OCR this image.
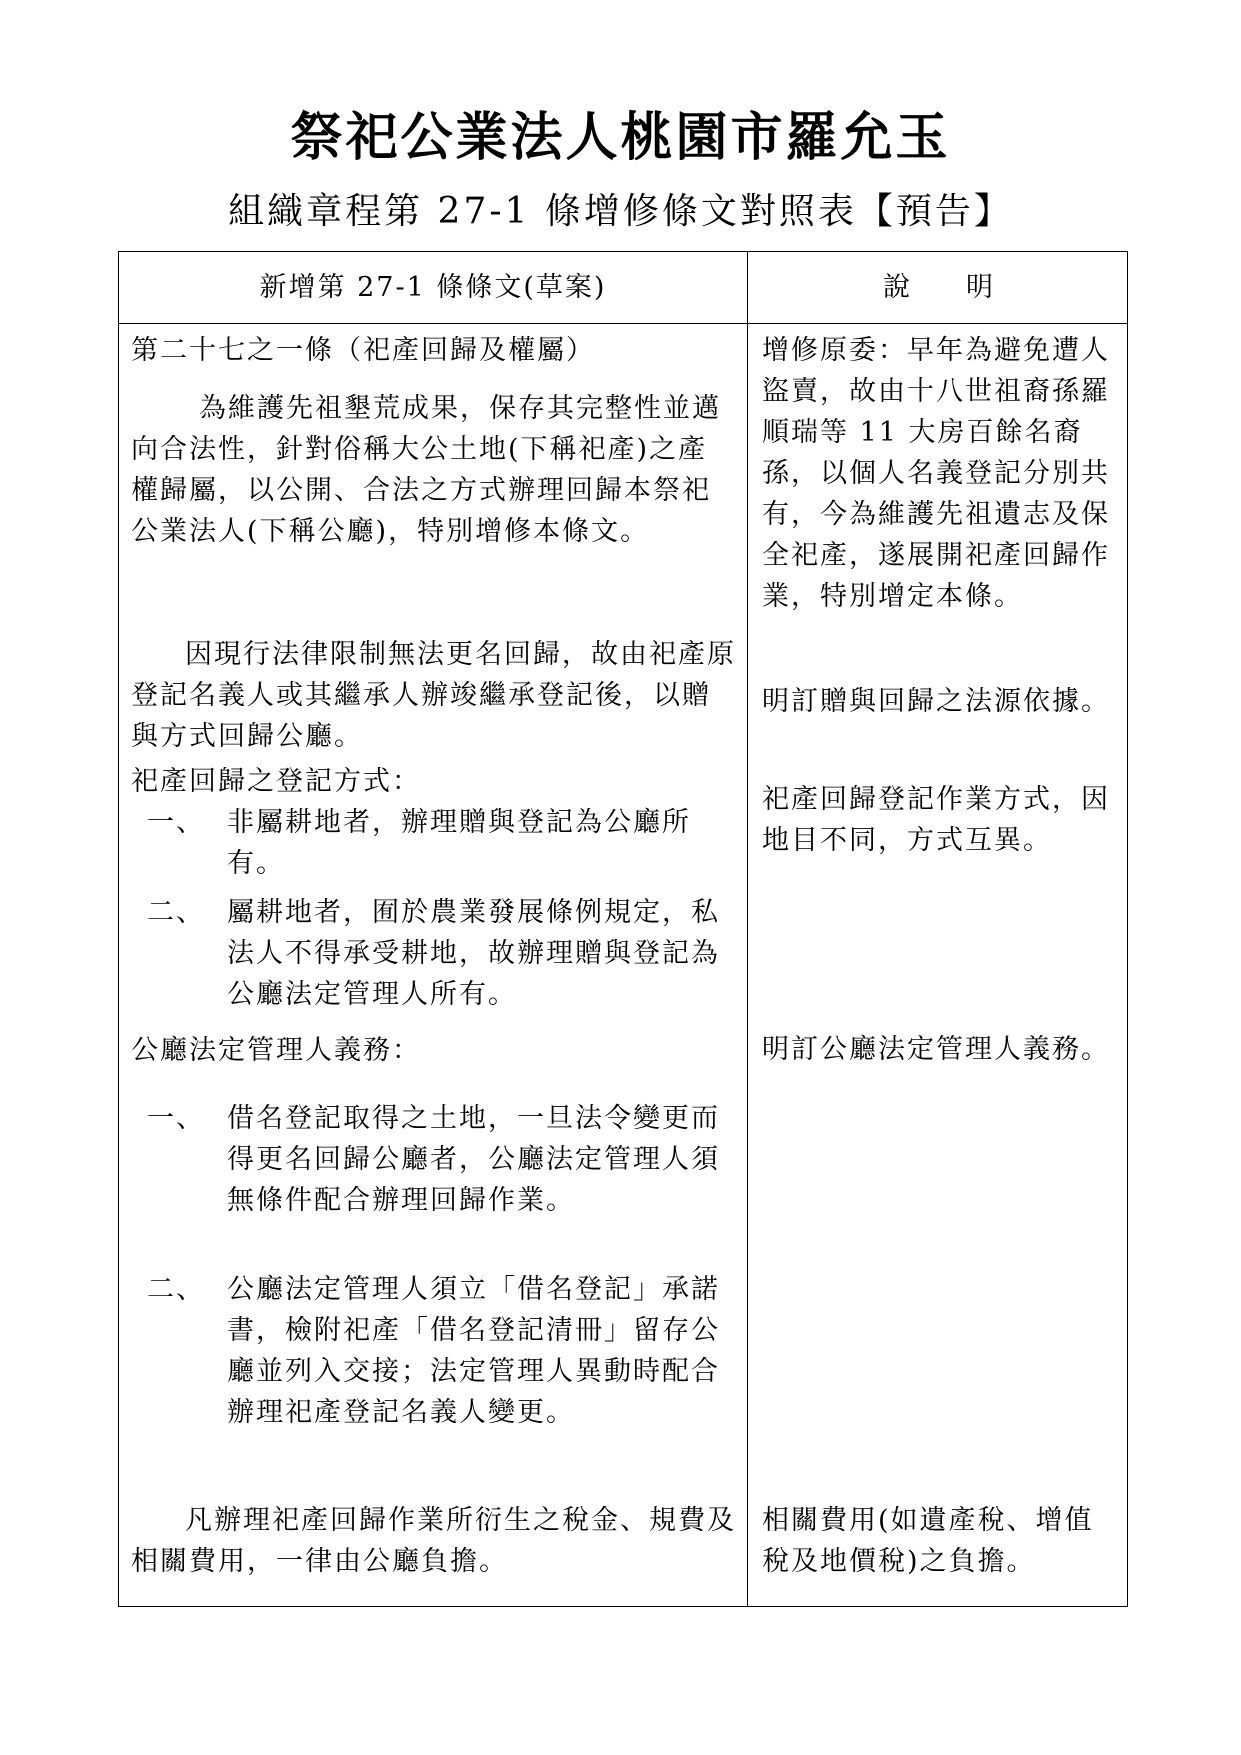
祭祀公業法人桃園市羅允玉
組織章程第 27-1 條增修條文對照表【預告】
新增第 27-1 條條文(草案)	說 明

第二十七之一條（祀產回歸及權屬）

為維護先祖墾荒成果，保存其完整性並邁向合法性，針對俗稱大公土地(下稱祀產)之產權歸屬，以公開、合法之方式辦理回歸本祭祀公業法人(下稱公廳)，特別增修本條文。

因現行法律限制無法更名回歸，故由祀產原登記名義人或其繼承人辦竣繼承登記後，以贈與方式回歸公廳。

祀產回歸之登記方式：

一、 非屬耕地者，辦理贈與登記為公廳所有。
二、 屬耕地者，囿於農業發展條例規定，私法人不得承受耕地，故辦理贈與登記為公廳法定管理人所有。

公廳法定管理人義務：

一、 借名登記取得之土地，一旦法令變更而得更名回歸公廳者，公廳法定管理人須無條件配合辦理回歸作業。
二、 公廳法定管理人須立「借名登記」承諾書，檢附祀產「借名登記清冊」留存公廳並列入交接；法定管理人異動時配合辦理祀產登記名義人變更。

凡辦理祀產回歸作業所衍生之稅金、規費及相關費用，一律由公廳負擔。

增修原委：早年為避免遭人盜賣，故由十八世祖裔孫羅順瑞等 11 大房百餘名裔孫，以個人名義登記分別共有，今為維護先祖遺志及保全祀產，遂展開祀產回歸作業，特別增定本條。

明訂贈與回歸之法源依據。

祀產回歸登記作業方式，因地目不同，方式互異。

明訂公廳法定管理人義務。

相關費用(如遺產稅、增值稅及地價稅)之負擔。
